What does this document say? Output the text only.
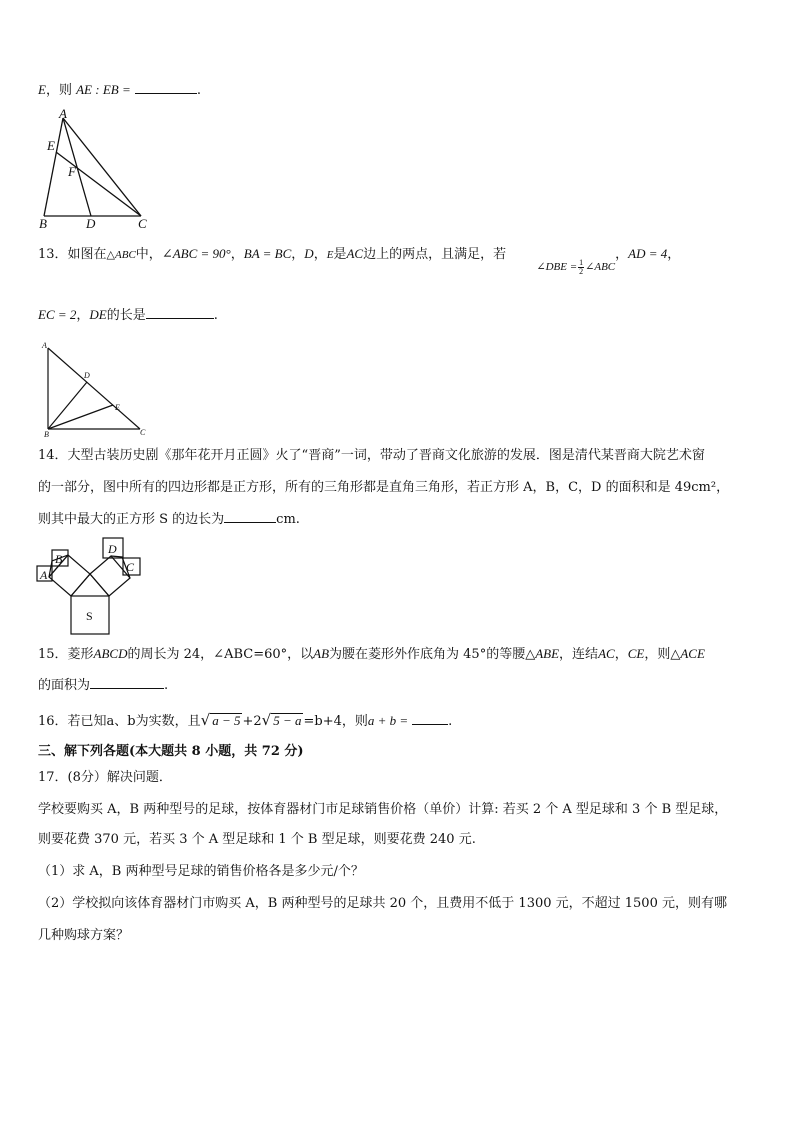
E，则 AE : EB =	.
A
E
F
B	D	C
13．如图在△ABC中，∠ABC = 90°，BA = BC，D，E是AC边上的两点，且满足，若  $_{\angle DBE = \frac{1}{2} \angle ABC}$，AD = 4，
EC = 2，DE的长是	.
A
D
E
B	C
14．大型古装历史剧《那年花开月正圆》火了“晋商”一词，带动了晋商文化旅游的发展．图是清代某晋商大院艺术窗
的一部分，图中所有的四边形都是正方形，所有的三角形都是直角三角形，若正方形 A，B，C，D 的面积和是 49cm²，
则其中最大的正方形 S 的边长为	cm.
A
B
D
C
S
15．菱形ABCD的周长为 24，∠ABC=60°，以AB为腰在菱形外作底角为 45°的等腰△ABE，连结AC，CE，则△ACE
的面积为	.
16．若已知a、b为实数，且√ a − 5 +2√ 5 − a =b+4，则a + b =	.
三、解下列各题(本大题共 8 小题，共 72 分)
17．(8分）解决问题．
学校要购买 A，B 两种型号的足球，按体育器材门市足球销售价格（单价）计算: 若买 2 个 A 型足球和 3 个 B 型足球，
则要花费 370 元，若买 3 个 A 型足球和 1 个 B 型足球，则要花费 240 元.
（1）求 A，B 两种型号足球的销售价格各是多少元/个？
（2）学校拟向该体育器材门市购买 A，B 两种型号的足球共 20 个，且费用不低于 1300 元，不超过 1500 元，则有哪
几种购球方案？
